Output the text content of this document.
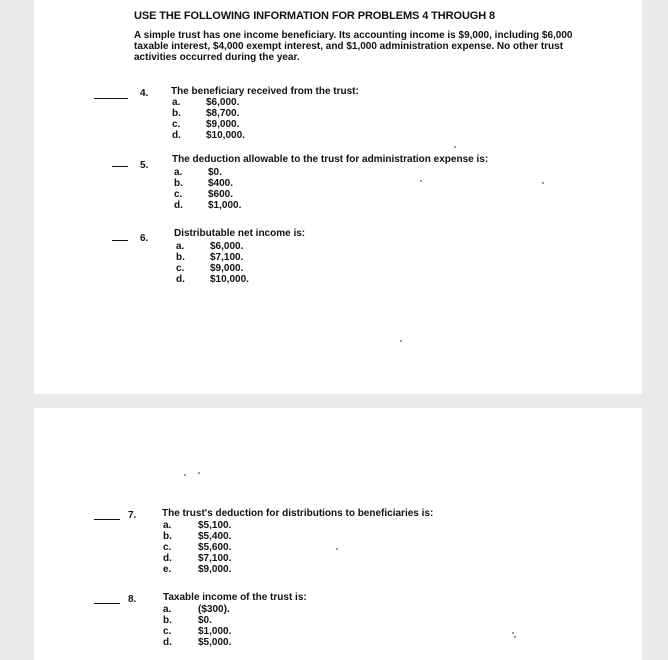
USE THE FOLLOWING INFORMATION FOR PROBLEMS 4 THROUGH 8
A simple trust has one income beneficiary. Its accounting income is $9,000, including $6,000 taxable interest, $4,000 exempt interest, and $1,000 administration expense. No other trust activities occurred during the year.
4. The beneficiary received from the trust:
a.	$6,000.
b.	$8,700.
c.	$9,000.
d.	$10,000.
5.
The deduction allowable to the trust for administration expense is:
a.	$0.
b.	$400.
c.	$600.
d.	$1,000.
6.	Distributable net income is:
a.	$6,000.
b.	$7,100.
c.	$9,000.
d.	$10,000.
7.	The trust's deduction for distributions to beneficiaries is:
a.	$5,100.
b.	$5,400.
c.	$5,600.
d.	$7,100.
e.	$9,000.
8.	Taxable income of the trust is:
a.	($300).
b.	$0.
c.	$1,000.
d.	$5,000.
